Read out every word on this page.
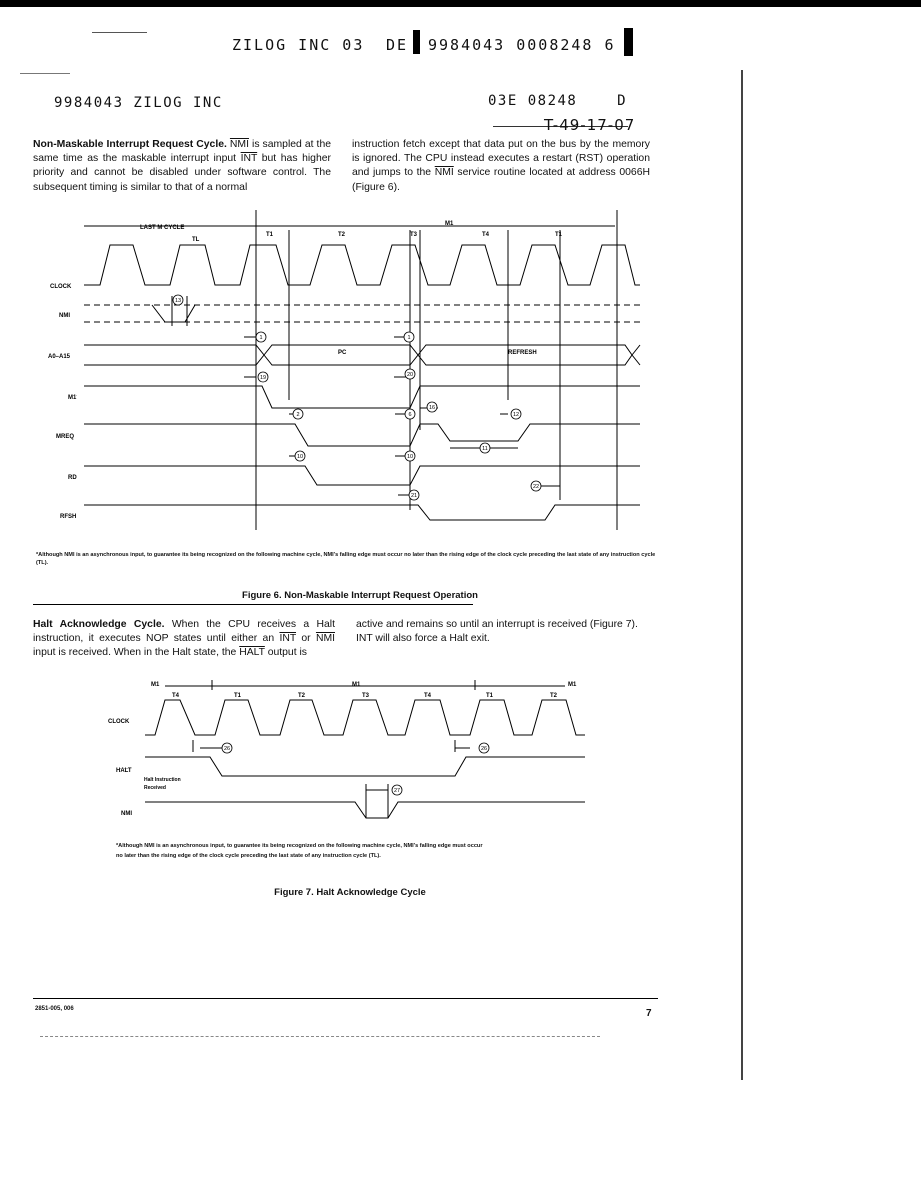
ZILOG INC 03 DE 9984043 0008248 6
9984043 ZILOG INC	03E 08248    D
T-49-17-07
Non-Maskable Interrupt Request Cycle. $\overline{NMI}$ is sampled at the same time as the maskable interrupt input $\overline{INT}$ but has higher priority and cannot be disabled under software control. The subsequent timing is similar to that of a normal
instruction fetch except that data put on the bus by the memory is ignored. The CPU instead executes a restart (RST) operation and jumps to the $\overline{NMI}$ service routine located at address 0066H (Figure 6).
13
1	1
19	20
2	6
16
12
11
10	10
21
22
LAST M CYCLE
M1
TL
T1	T2	T3	T4	T1
CLOCK
NMI
A0–A15
M1
MREQ
RD
RFSH
PC	REFRESH
*Although NMI is an asynchronous input, to guarantee its being recognized on the following machine cycle, NMI's falling edge must occur no later than the rising edge of the clock cycle preceding the last state of any instruction cycle (TL).
Figure 6. Non-Maskable Interrupt Request Operation
Halt Acknowledge Cycle. When the CPU receives a Halt instruction, it executes NOP states until either an $\overline{INT}$ or $\overline{NMI}$ input is received. When in the Halt state, the HALT output is
active and remains so until an interrupt is received (Figure 7). INT will also force a Halt exit.
26	26
27
M1	M1	M1
T4	T1	T2	T3	T4	T1	T2
CLOCK
HALT
Halt Instruction
Received
NMI
*Although NMI is an asynchronous input, to guarantee its being recognized on the following machine cycle, NMI's falling edge must occur
no later than the rising edge of the clock cycle preceding the last state of any instruction cycle (TL).
Figure 7. Halt Acknowledge Cycle
2851-005, 006	7
